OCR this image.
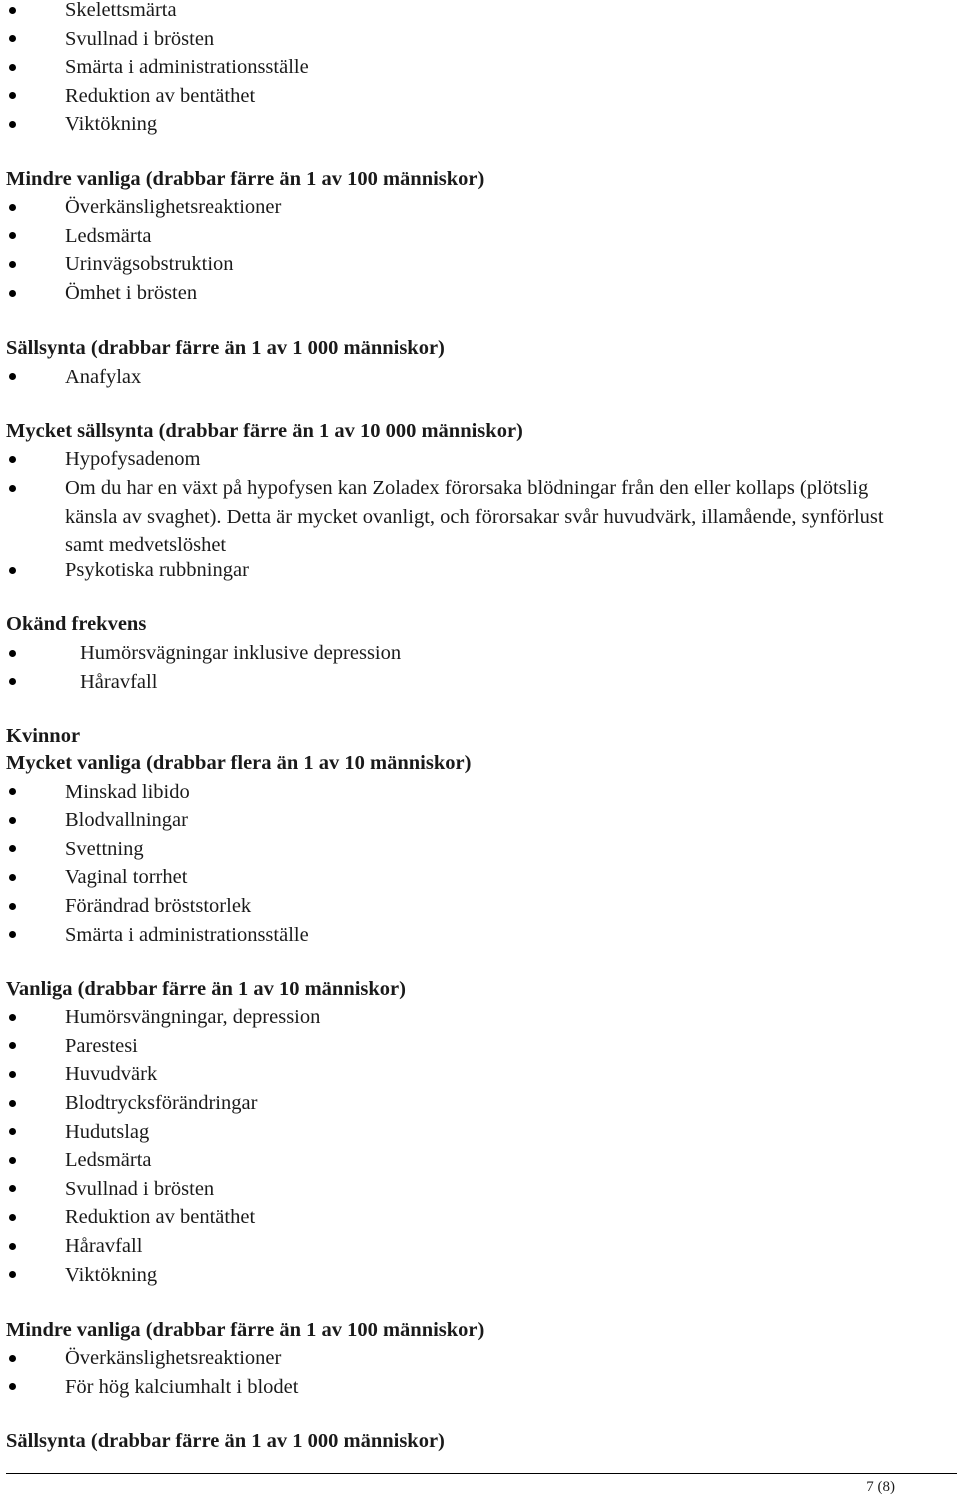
Skelettsmärta
Svullnad i brösten
Smärta i administrationsställe
Reduktion av bentäthet
Viktökning
Mindre vanliga (drabbar färre än 1 av 100 människor)
Överkänslighetsreaktioner
Ledsmärta
Urinvägsobstruktion
Ömhet i brösten
Sällsynta (drabbar färre än 1 av 1 000 människor)
Anafylax
Mycket sällsynta (drabbar färre än 1 av 10 000 människor)
Hypofysadenom
Om du har en växt på hypofysen kan Zoladex förorsaka blödningar från den eller kollaps (plötslig känsla av svaghet). Detta är mycket ovanligt, och förorsakar svår huvudvärk, illamående, synförlust samt medvetslöshet
Psykotiska rubbningar
Okänd frekvens
Humörsvägningar inklusive depression
Håravfall
Kvinnor
Mycket vanliga (drabbar flera än 1 av 10 människor)
Minskad libido
Blodvallningar
Svettning
Vaginal torrhet
Förändrad bröststorlek
Smärta i administrationsställe
Vanliga (drabbar färre än 1 av 10 människor)
Humörsvängningar, depression
Parestesi
Huvudvärk
Blodtrycksförändringar
Hudutslag
Ledsmärta
Svullnad i brösten
Reduktion av bentäthet
Håravfall
Viktökning
Mindre vanliga (drabbar färre än 1 av 100 människor)
Överkänslighetsreaktioner
För hög kalciumhalt i blodet
Sällsynta (drabbar färre än 1 av 1 000 människor)
7 (8)
